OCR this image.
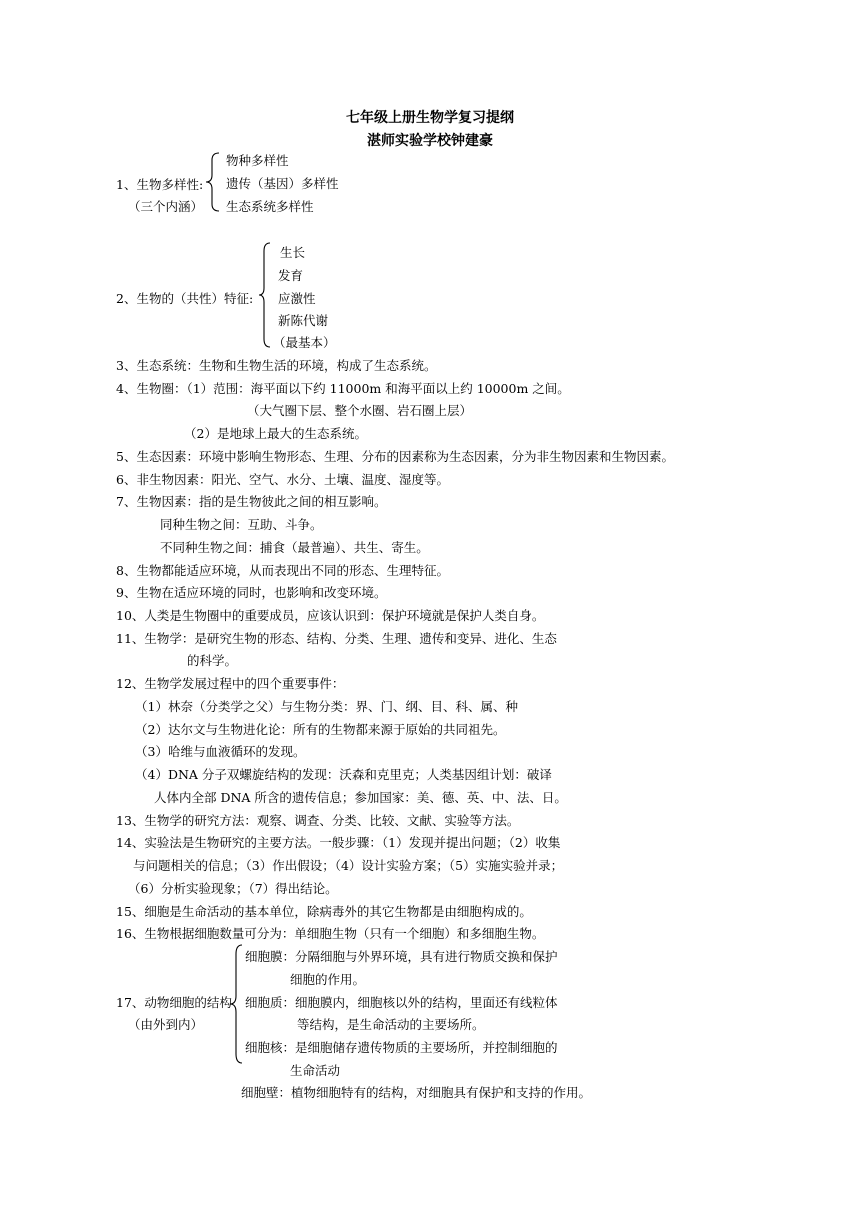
七年级上册生物学复习提纲
湛师实验学校钟建豪
物种多样性
遗传（基因）多样性
生态系统多样性
1、生物多样性:
（三个内涵）
生长
发育
应激性
新陈代谢
（最基本）
2、生物的（共性）特征:
3、生态系统：生物和生物生活的环境，构成了生态系统。
4、生物圈：（1）范围：海平面以下约 11000m 和海平面以上约 10000m 之间。
（大气圈下层、整个水圈、岩石圈上层）
（2）是地球上最大的生态系统。
5、生态因素：环境中影响生物形态、生理、分布的因素称为生态因素，分为非生物因素和生物因素。
6、非生物因素：阳光、空气、水分、土壤、温度、湿度等。
7、生物因素：指的是生物彼此之间的相互影响。
同种生物之间：互助、斗争。
不同种生物之间：捕食（最普遍）、共生、寄生。
8、生物都能适应环境，从而表现出不同的形态、生理特征。
9、生物在适应环境的同时，也影响和改变环境。
10、人类是生物圈中的重要成员，应该认识到：保护环境就是保护人类自身。
11、生物学：是研究生物的形态、结构、分类、生理、遗传和变异、进化、生态
的科学。
12、生物学发展过程中的四个重要事件：
（1）林奈（分类学之父）与生物分类：界、门、纲、目、科、属、种
（2）达尔文与生物进化论：所有的生物都来源于原始的共同祖先。
（3）哈维与血液循环的发现。
（4）DNA 分子双螺旋结构的发现：沃森和克里克；人类基因组计划：破译
人体内全部 DNA 所含的遗传信息；参加国家：美、德、英、中、法、日。
13、生物学的研究方法：观察、调查、分类、比较、文献、实验等方法。
14、实验法是生物研究的主要方法。一般步骤：（1）发现并提出问题；（2）收集
与问题相关的信息；（3）作出假设；（4）设计实验方案；（5）实施实验并录；
（6）分析实验现象；（7）得出结论。
15、细胞是生命活动的基本单位，除病毒外的其它生物都是由细胞构成的。
16、生物根据细胞数量可分为：单细胞生物（只有一个细胞）和多细胞生物。
细胞膜：分隔细胞与外界环境，具有进行物质交换和保护
细胞的作用。
细胞质：细胞膜内，细胞核以外的结构，里面还有线粒体
等结构，是生命活动的主要场所。
细胞核：是细胞储存遗传物质的主要场所，并控制细胞的
生命活动
17、动物细胞的结构
（由外到内）
细胞壁：植物细胞特有的结构，对细胞具有保护和支持的作用。
